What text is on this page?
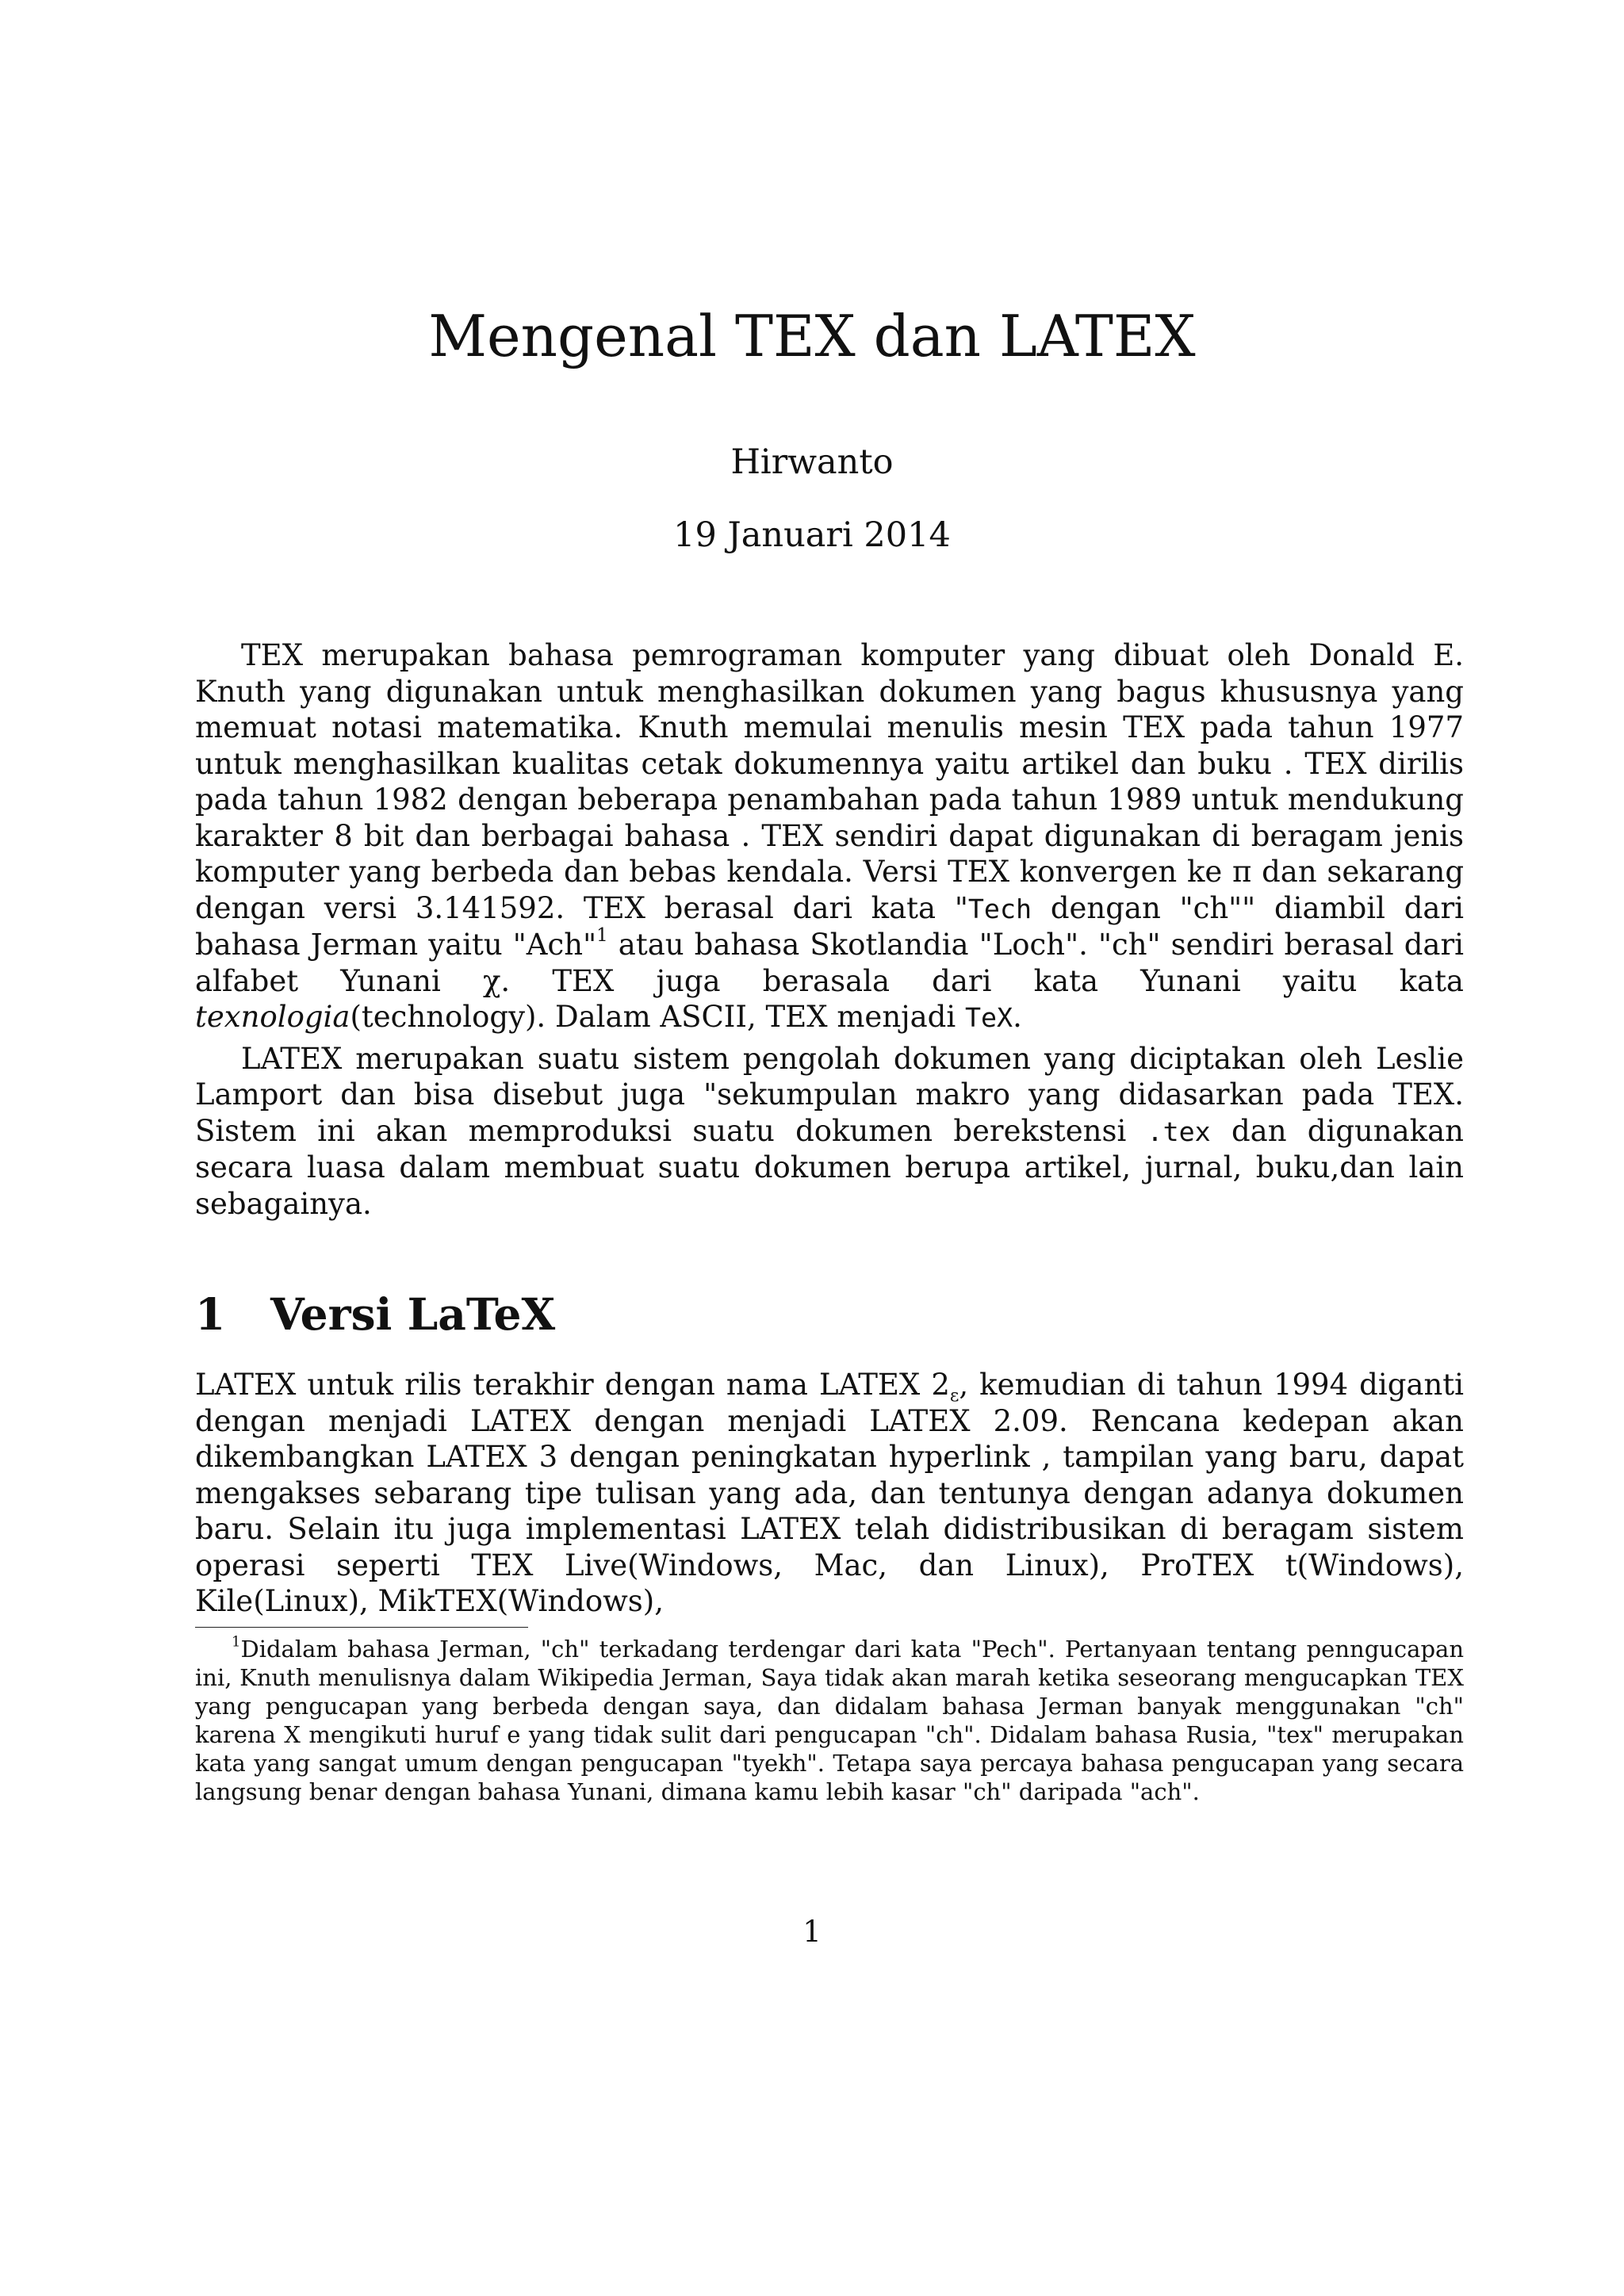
Mengenal TEX dan LATEX
Hirwanto
19 Januari 2014

TEX merupakan bahasa pemrograman komputer yang dibuat oleh Donald E. Knuth yang digunakan untuk menghasilkan dokumen yang bagus khususnya yang memuat notasi matematika. Knuth memulai menulis mesin TEX pada tahun 1977 untuk menghasilkan kualitas cetak dokumennya yaitu artikel dan buku . TEX dirilis pada tahun 1982 dengan beberapa penambahan pada tahun 1989 untuk mendukung karakter 8 bit dan berbagai bahasa . TEX sendiri dapat digunakan di beragam jenis komputer yang berbeda dan bebas kendala. Versi TEX konvergen ke π dan sekarang dengan versi 3.141592. TEX berasal dari kata "Tech dengan "ch"" diambil dari bahasa Jerman yaitu "Ach"$^1$ atau bahasa Skotlandia "Loch". "ch" sendiri berasal dari alfabet Yunani χ. TEX juga berasala dari kata Yunani yaitu kata texnologia(technology). Dalam ASCII, TEX menjadi TeX.

LATEX merupakan suatu sistem pengolah dokumen yang diciptakan oleh Leslie Lamport dan bisa disebut juga "sekumpulan makro yang didasarkan pada TEX. Sistem ini akan memproduksi suatu dokumen berekstensi .tex dan digunakan secara luasa dalam membuat suatu dokumen berupa artikel, jurnal, buku,dan lain sebagainya.

1 Versi LaTeX

LATEX untuk rilis terakhir dengan nama LATEX $2_\varepsilon$, kemudian di tahun 1994 diganti dengan menjadi LATEX dengan menjadi LATEX 2.09. Rencana kedepan akan dikembangkan LATEX 3 dengan peningkatan hyperlink , tampilan yang baru, dapat mengakses sebarang tipe tulisan yang ada, dan tentunya dengan adanya dokumen baru. Selain itu juga implementasi LATEX telah didistribusikan di beragam sistem operasi seperti TEX Live(Windows, Mac, dan Linux), ProTEX t(Windows), Kile(Linux), MikTEX(Windows),

$^1$Didalam bahasa Jerman, "ch" terkadang terdengar dari kata "Pech". Pertanyaan tentang penngucapan ini, Knuth menulisnya dalam Wikipedia Jerman, Saya tidak akan marah ketika seseorang mengucapkan TEX yang pengucapan yang berbeda dengan saya, dan didalam bahasa Jerman banyak menggunakan "ch" karena X mengikuti huruf e yang tidak sulit dari pengucapan "ch". Didalam bahasa Rusia, "tex" merupakan kata yang sangat umum dengan pengucapan "tyekh". Tetapa saya percaya bahasa pengucapan yang secara langsung benar dengan bahasa Yunani, dimana kamu lebih kasar "ch" daripada "ach".

1
